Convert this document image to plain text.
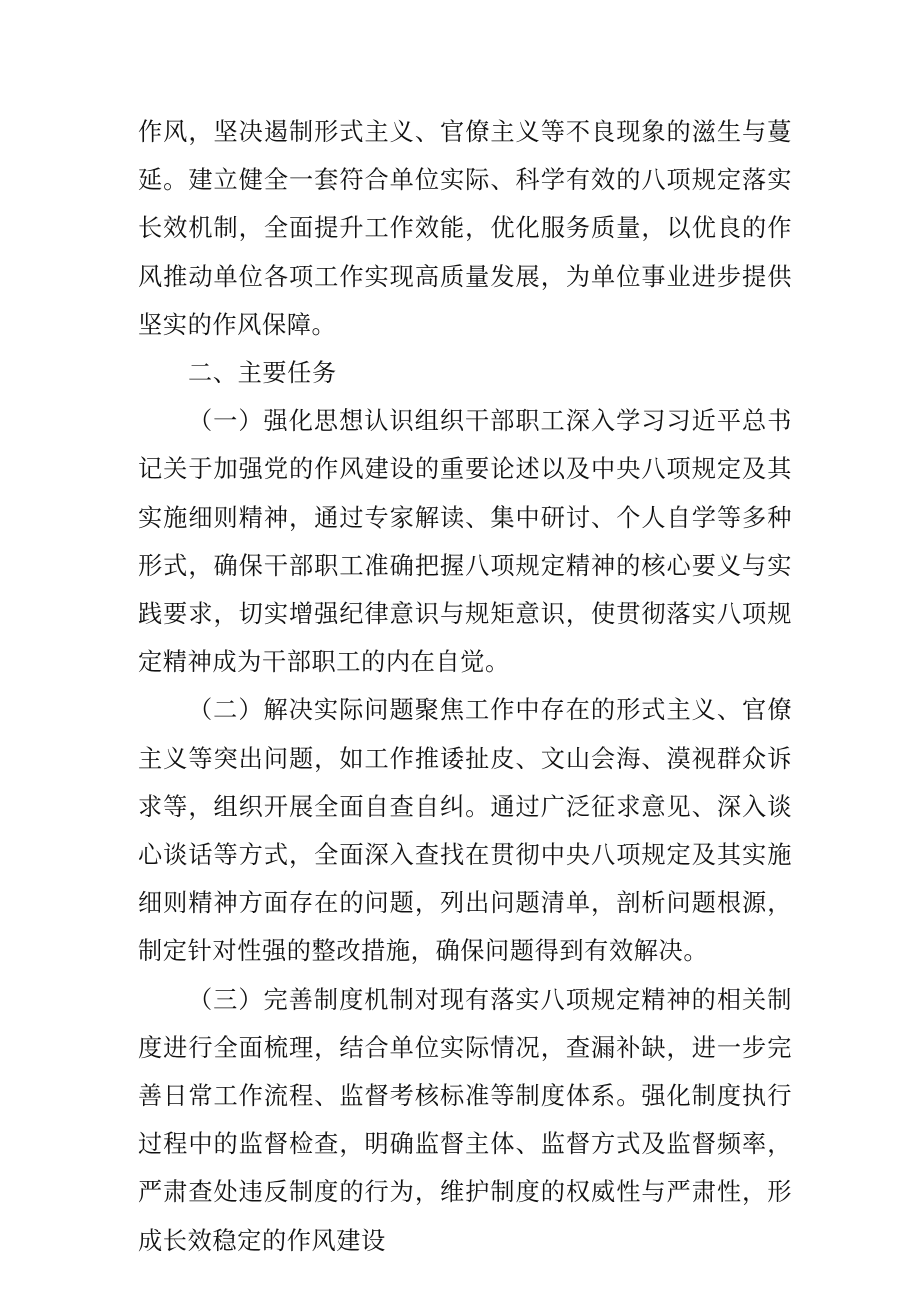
作风，坚决遏制形式主义、官僚主义等不良现象的滋生与蔓延。建立健全一套符合单位实际、科学有效的八项规定落实长效机制，全面提升工作效能，优化服务质量，以优良的作风推动单位各项工作实现高质量发展，为单位事业进步提供坚实的作风保障。

二、主要任务

（一）强化思想认识组织干部职工深入学习习近平总书记关于加强党的作风建设的重要论述以及中央八项规定及其实施细则精神，通过专家解读、集中研讨、个人自学等多种形式，确保干部职工准确把握八项规定精神的核心要义与实践要求，切实增强纪律意识与规矩意识，使贯彻落实八项规定精神成为干部职工的内在自觉。

（二）解决实际问题聚焦工作中存在的形式主义、官僚主义等突出问题，如工作推诿扯皮、文山会海、漠视群众诉求等，组织开展全面自查自纠。通过广泛征求意见、深入谈心谈话等方式，全面深入查找在贯彻中央八项规定及其实施细则精神方面存在的问题，列出问题清单，剖析问题根源，制定针对性强的整改措施，确保问题得到有效解决。

（三）完善制度机制对现有落实八项规定精神的相关制度进行全面梳理，结合单位实际情况，查漏补缺，进一步完善日常工作流程、监督考核标准等制度体系。强化制度执行过程中的监督检查，明确监督主体、监督方式及监督频率，严肃查处违反制度的行为，维护制度的权威性与严肃性，形成长效稳定的作风建设
